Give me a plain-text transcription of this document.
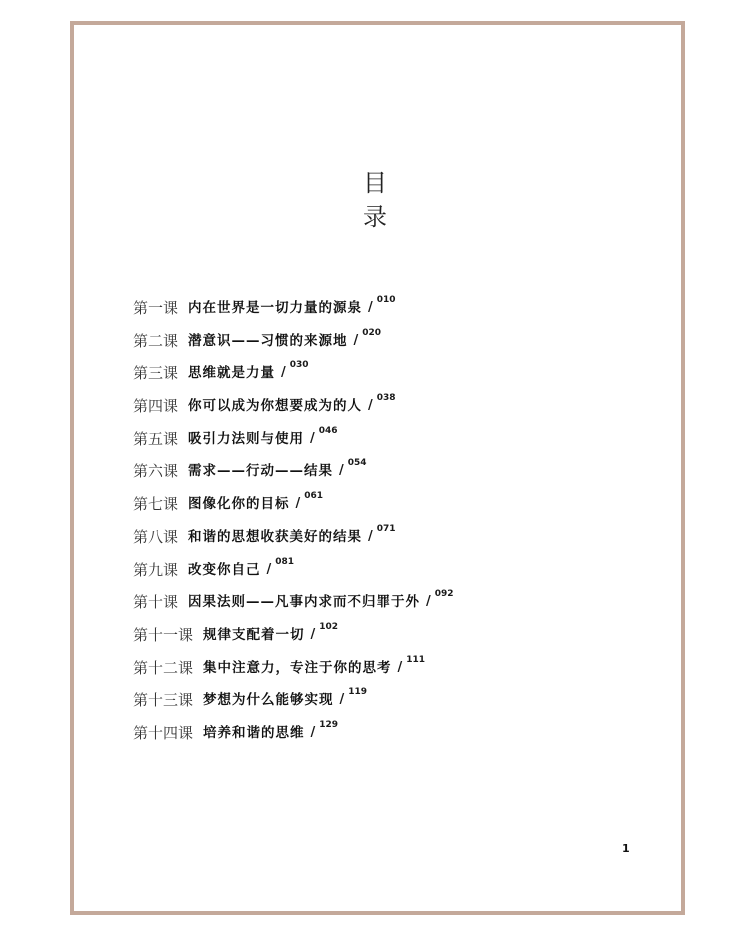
目
录
第一课 内在世界是一切力量的源泉 / 010
第二课 潜意识——习惯的来源地 / 020
第三课 思维就是力量 / 030
第四课 你可以成为你想要成为的人 / 038
第五课 吸引力法则与使用 / 046
第六课 需求——行动——结果 / 054
第七课 图像化你的目标 / 061
第八课 和谐的思想收获美好的结果 / 071
第九课 改变你自己 / 081
第十课 因果法则——凡事内求而不归罪于外 / 092
第十一课 规律支配着一切 / 102
第十二课 集中注意力，专注于你的思考 / 111
第十三课 梦想为什么能够实现 / 119
第十四课 培养和谐的思维 / 129
1
